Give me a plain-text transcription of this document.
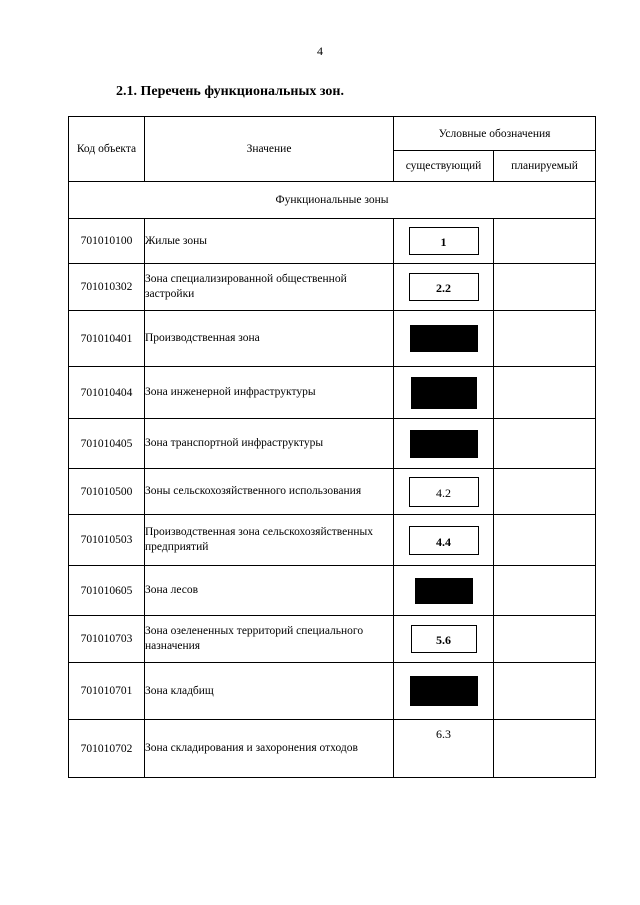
4
2.1. Перечень функциональных зон.
Код объекта	Значение	Условные обозначения	
		существующий	планируемый
Функциональные зоны			
701010100	Жилые зоны	1	
701010302	Зона специализированной общественной застройки	2.2	
701010401	Производственная зона		
701010404	Зона инженерной инфраструктуры		
701010405	Зона транспортной инфраструктуры		
701010500	Зоны сельскохозяйственного использования	4.2	
701010503	Производственная зона сельскохозяйственных предприятий	4.4	
701010605	Зона лесов		
701010703	Зона озелененных территорий специального назначения	5.6	
701010701	Зона кладбищ		
701010702	Зона складирования и захоронения отходов	6.3	
